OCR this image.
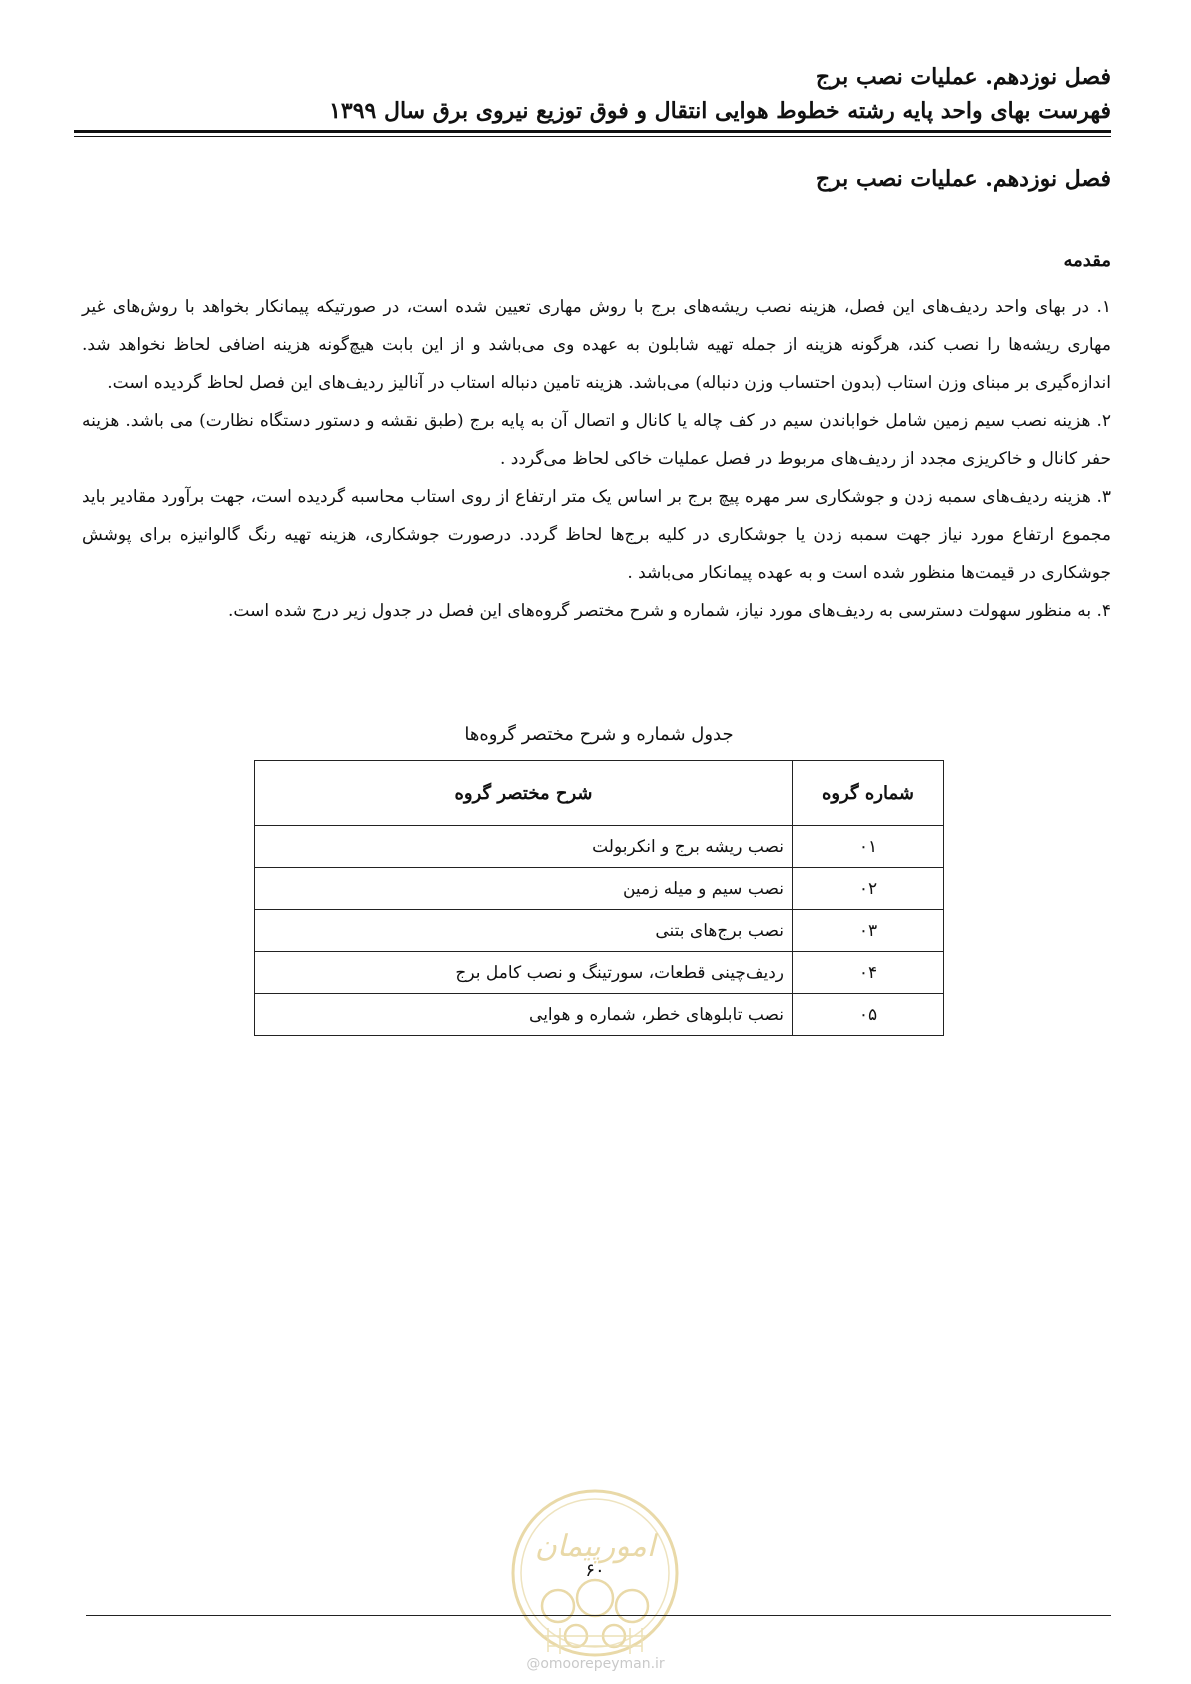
فصل نوزدهم. عملیات نصب برج
فهرست بهای واحد پایه رشته خطوط هوایی انتقال و فوق توزیع نیروی برق سال ۱۳۹۹
فصل نوزدهم. عملیات نصب برج
مقدمه

۱. در بهای واحد ردیف‌های این فصل، هزینه نصب ریشه‌های برج با روش مهاری تعیین شده است، در صورتیکه پیمانکار بخواهد با روش‌های غیر مهاری ریشه‌ها را نصب کند، هرگونه هزینه از جمله تهیه شابلون به عهده وی می‌باشد و از این بابت هیچ‌گونه هزینه اضافی لحاظ نخواهد شد. اندازه‌گیری بر مبنای وزن استاب (بدون احتساب وزن دنباله) می‌باشد. هزینه تامین دنباله استاب در آنالیز ردیف‌های این فصل لحاظ گردیده است.

۲. هزینه نصب سیم زمین شامل خواباندن سیم در کف چاله یا کانال و اتصال آن به پایه برج (طبق نقشه و دستور دستگاه نظارت) می باشد. هزینه حفر کانال و خاکریزی مجدد از ردیف‌های مربوط در فصل عملیات خاکی لحاظ می‌گردد .

۳. هزینه ردیف‌های سمبه زدن و جوشکاری سر مهره پیچ برج بر اساس یک متر ارتفاع از روی استاب محاسبه گردیده است، جهت برآورد مقادیر باید مجموع ارتفاع مورد نیاز جهت سمبه زدن یا جوشکاری در کلیه برج‌ها لحاظ گردد. درصورت جوشکاری، هزینه تهیه رنگ گالوانیزه برای پوشش جوشکاری در قیمت‌ها منظور شده است و به عهده پیمانکار می‌باشد .

۴. به منظور سهولت دسترسی به ردیف‌های مورد نیاز، شماره و شرح مختصر گروه‌های این فصل در جدول زیر درج شده است.

جدول شماره و شرح مختصر گروه‌ها
شماره گروه	شرح مختصر گروه
۰۱	نصب ریشه برج و انکربولت
۰۲	نصب سیم و میله زمین
۰۳	نصب برج‌های بتنی
۰۴	ردیف‌چینی قطعات، سورتینگ و نصب کامل برج
۰۵	نصب تابلوهای خطر، شماره و هوایی
امورپیمان
۶۰
@omoorepeyman.ir
